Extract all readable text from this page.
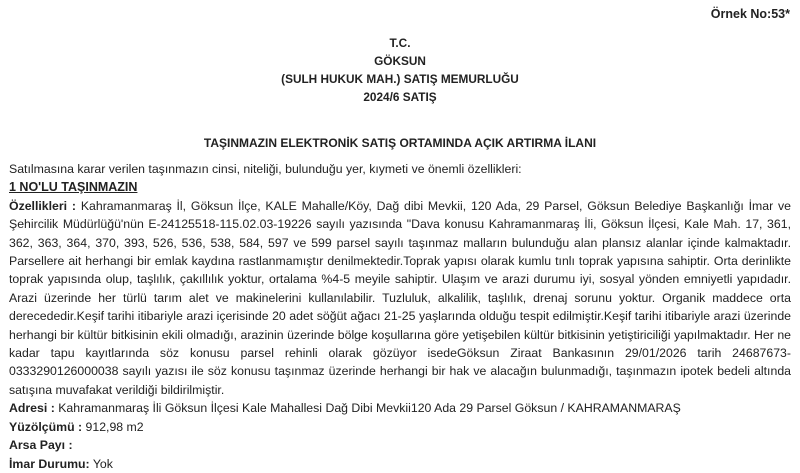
Örnek No:53*
T.C.
GÖKSUN
(SULH HUKUK MAH.) SATIŞ MEMURLUĞU
2024/6 SATIŞ
TAŞINMAZIN ELEKTRONİK SATIŞ ORTAMINDA AÇIK ARTIRMA İLANI

Satılmasına karar verilen taşınmazın cinsi, niteliği, bulunduğu yer, kıymeti ve önemli özellikleri:

1 NO'LU TAŞINMAZIN

Özellikleri : Kahramanmaraş İl, Göksun İlçe, KALE Mahalle/Köy, Dağ dibi Mevkii, 120 Ada, 29 Parsel, Göksun Belediye Başkanlığı İmar ve Şehircilik Müdürlüğü'nün E-24125518-115.02.03-19226 sayılı yazısında "Dava konusu Kahramanmaraş İli, Göksun İlçesi, Kale Mah. 17, 361, 362, 363, 364, 370, 393, 526, 536, 538, 584, 597 ve 599 parsel sayılı taşınmaz malların bulunduğu alan plansız alanlar içinde kalmaktadır. Parsellere ait herhangi bir emlak kaydına rastlanmamıştır denilmektedir.Toprak yapısı olarak kumlu tınlı toprak yapısına sahiptir. Orta derinlikte toprak yapısında olup, taşlılık, çakıllılık yoktur, ortalama %4-5 meyile sahiptir. Ulaşım ve arazi durumu iyi, sosyal yönden emniyetli yapıdadır. Arazi üzerinde her türlü tarım alet ve makinelerini kullanılabilir. Tuzluluk, alkalilik, taşlılık, drenaj sorunu yoktur. Organik maddece orta derecededir.Keşif tarihi itibariyle arazi içerisinde 20 adet söğüt ağacı 21-25 yaşlarında olduğu tespit edilmiştir.Keşif tarihi itibariyle arazi üzerinde herhangi bir kültür bitkisinin ekili olmadığı, arazinin üzerinde bölge koşullarına göre yetişebilen kültür bitkisinin yetiştiriciliği yapılmaktadır. Her ne kadar tapu kayıtlarında söz konusu parsel rehinli olarak gözüyor isedeGöksun Ziraat Bankasının 29/01/2026 tarih 24687673-0333290126000038 sayılı yazısı ile söz konusu taşınmaz üzerinde herhangi bir hak ve alacağın bulunmadığı, taşınmazın ipotek bedeli altında satışına muvafakat verildiği bildirilmiştir.

Adresi : Kahramanmaraş İli Göksun İlçesi Kale Mahallesi Dağ Dibi Mevkii120 Ada 29 Parsel Göksun / KAHRAMANMARAŞ

Yüzölçümü : 912,98 m2

Arsa Payı :

İmar Durumu: Yok
